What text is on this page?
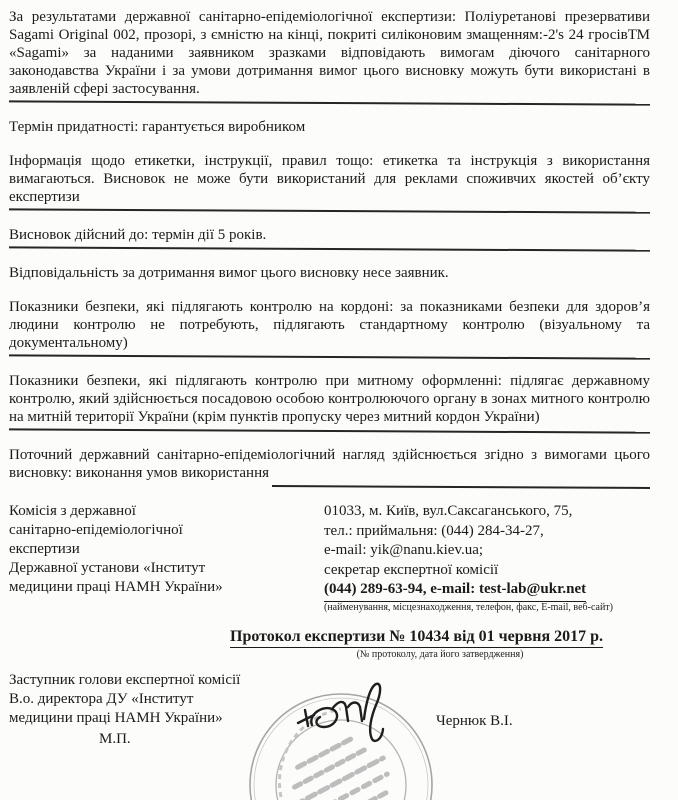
За результатами державної санітарно-епідеміологічної експертизи: Поліуретанові презервативи Sagami Original 002, прозорі, з ємністю на кінці, покриті силіконовим змащенням:-2's 24 гросівТМ «Sagami» за наданими заявником зразками відповідають вимогам діючого санітарного законодавства України і за умови дотримання вимог цього висновку можуть бути використані в заявленій сфері застосування.

Термін придатності: гарантується виробником

Інформація щодо етикетки, інструкції, правил тощо: етикетка та інструкція з використання вимагаються. Висновок не може бути використаний для реклами споживчих якостей об’єкту експертизи

Висновок дійсний до: термін дії 5 років.

Відповідальність за дотримання вимог цього висновку несе заявник.

Показники безпеки, які підлягають контролю на кордоні: за показниками безпеки для здоров’я людини контролю не потребують, підлягають стандартному контролю (візуальному та документальному)

Показники безпеки, які підлягають контролю при митному оформленні: підлягає державному контролю, який здійснюється посадовою особою контролюючого органу в зонах митного контролю на митній території України (крім пунктів пропуску через митний кордон України)

Поточний державний санітарно-епідеміологічний нагляд здійснюється згідно з вимогами цього висновку: виконання умов використання

Комісія з державної
санітарно-епідеміологічної
експертизи
Державної установи «Інститут
медицини праці НАМН України»
01033, м. Київ, вул.Саксаганського, 75,
тел.: приймальня: (044) 284-34-27,
e-mail: yik@nanu.kiev.ua;
секретар експертної комісії
(044) 289-63-94, e-mail: test-lab@ukr.net
(найменування, місцезнаходження, телефон, факс, E-mail, веб-сайт)
Протокол експертизи № 10434 від 01 червня 2017 р.
(№ протоколу, дата його затвердження)
Заступник голови експертної комісії
В.о. директора ДУ «Інститут
медицини праці НАМН України»
М.П.
Чернюк В.І.
